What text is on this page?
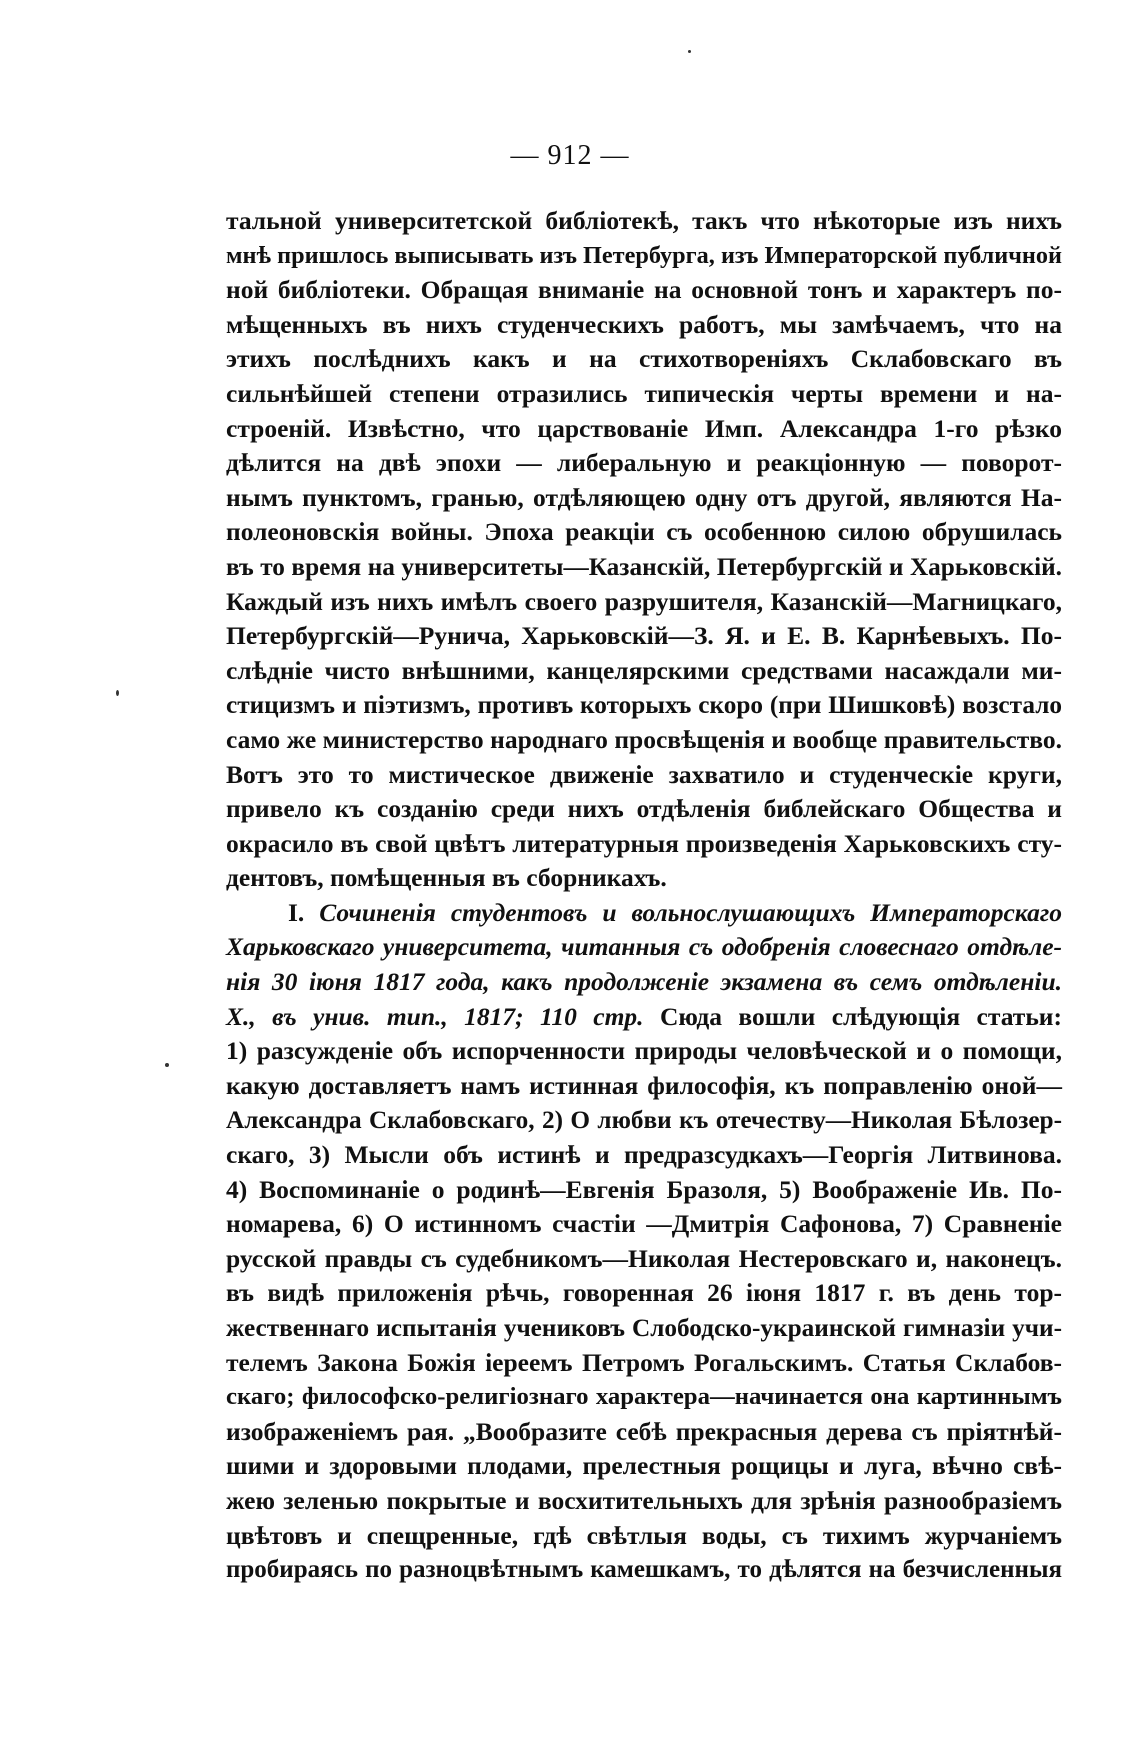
— 912 —
тальной университетской библіотекѣ, такъ что нѣкоторые изъ нихъ
мнѣ пришлось выписывать изъ Петербурга, изъ Императорской публичной
ной библіотеки. Обращая вниманіе на основной тонъ и характеръ по-
мѣщенныхъ въ нихъ студенческихъ работъ, мы замѣчаемъ, что на
этихъ послѣднихъ какъ и на стихотвореніяхъ Склабовскаго въ
сильнѣйшей степени отразились типическія черты времени и на-
строеній. Извѣстно, что царствованіе Имп. Александра 1-го рѣзко
дѣлится на двѣ эпохи — либеральную и реакціонную — поворот-
нымъ пунктомъ, гранью, отдѣляющею одну отъ другой, являются На-
полеоновскія войны. Эпоха реакціи съ особенною силою обрушилась
въ то время на университеты—Казанскій, Петербургскій и Харьковскій.
Каждый изъ нихъ имѣлъ своего разрушителя, Казанскій—Магницкаго,
Петербургскій—Рунича, Харьковскій—З. Я. и Е. В. Карнѣевыхъ. По-
слѣдніе чисто внѣшними, канцелярскими средствами насаждали ми-
стицизмъ и піэтизмъ, противъ которыхъ скоро (при Шишковѣ) возстало
само же министерство народнаго просвѣщенія и вообще правительство.
Вотъ это то мистическое движеніе захватило и студенческіе круги,
привело къ созданію среди нихъ отдѣленія библейскаго Общества и
окрасило въ свой цвѣтъ литературныя произведенія Харьковскихъ сту-
дентовъ, помѣщенныя въ сборникахъ.
I. Сочиненія студентовъ и вольнослушающихъ Императорскаго
Харьковскаго университета, читанныя съ одобренія словеснаго отдѣле-
нія 30 іюня 1817 года, какъ продолженіе экзамена въ семъ отдѣленіи.
X., въ унив. тип., 1817; 110 стр. Сюда вошли слѣдующія статьи:
1) разсужденіе объ испорченности природы человѣческой и о помощи,
какую доставляетъ намъ истинная философія, къ поправленію оной—
Александра Склабовскаго, 2) О любви къ отечеству—Николая Бѣлозер-
скаго, 3) Мысли объ истинѣ и предразсудкахъ—Георгія Литвинова.
4) Воспоминаніе о родинѣ—Евгенія Бразоля, 5) Воображеніе Ив. По-
номарева, 6) О истинномъ счастіи —Дмитрія Сафонова, 7) Сравненіе
русской правды съ судебникомъ—Николая Нестеровскаго и, наконецъ.
въ видѣ приложенія рѣчь, говоренная 26 іюня 1817 г. въ день тор-
жественнаго испытанія учениковъ Слободско-украинской гимназіи учи-
телемъ Закона Божія іереемъ Петромъ Рогальскимъ. Статья Склабов-
скаго; философско-религіознаго характера—начинается она картиннымъ
изображеніемъ рая. „Вообразите себѣ прекрасныя дерева съ пріятнѣй-
шими и здоровыми плодами, прелестныя рощицы и луга, вѣчно свѣ-
жею зеленью покрытые и восхитительныхъ для зрѣнія разнообразіемъ
цвѣтовъ и спещренные, гдѣ свѣтлыя воды, съ тихимъ журчаніемъ
пробираясь по разноцвѣтнымъ камешкамъ, то дѣлятся на безчисленныя
